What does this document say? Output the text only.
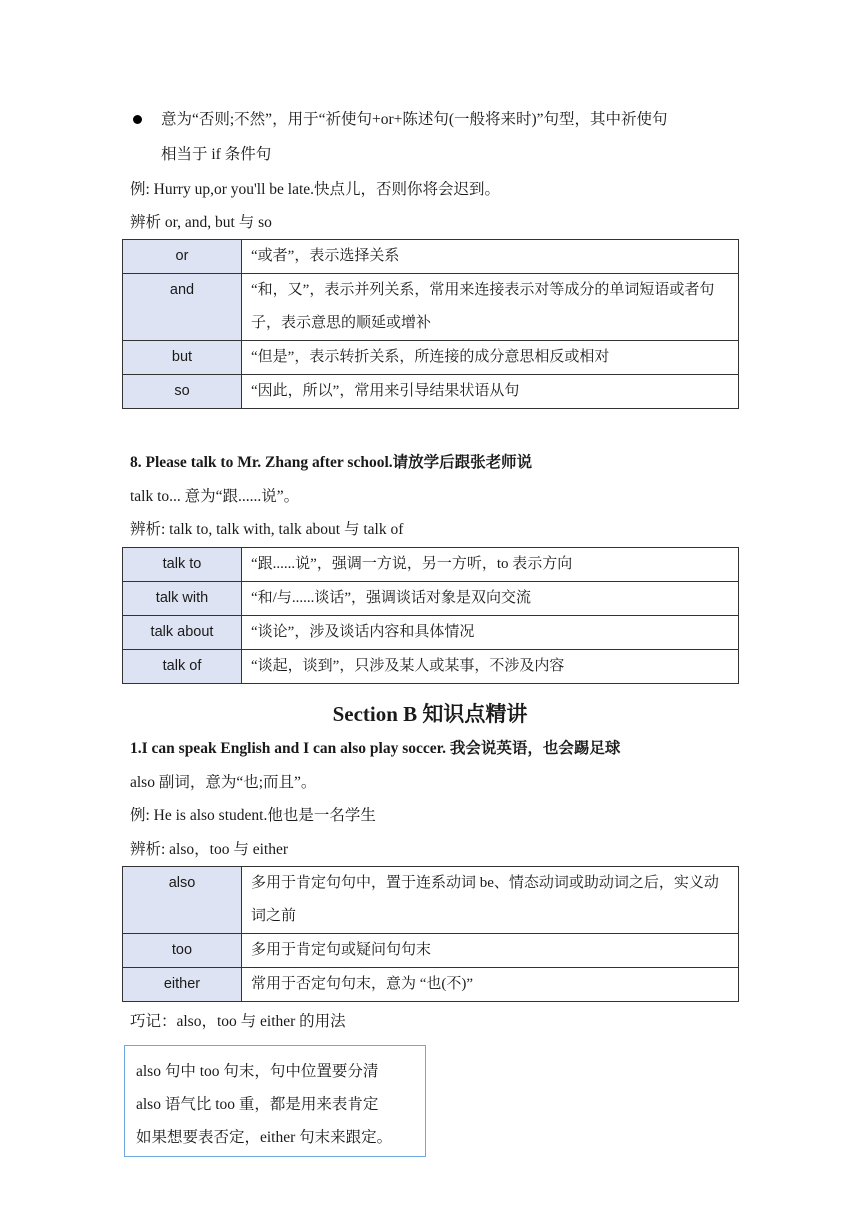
意为“否则;不然”，用于“祈使句+or+陈述句(一般将来时)”句型，其中祈使句
相当于 if 条件句
例: Hurry up,or you'll be late.快点儿，否则你将会迟到。
辨析 or, and, but 与 so
or	“或者”，表示选择关系
and	“和，又”，表示并列关系，常用来连接表示对等成分的单词短语或者句子，表示意思的顺延或增补
but	“但是”，表示转折关系，所连接的成分意思相反或相对
so	“因此，所以”，常用来引导结果状语从句
8. Please talk to Mr. Zhang after school.请放学后跟张老师说
talk to... 意为“跟......说”。
辨析: talk to, talk with, talk about 与 talk of
talk to	“跟......说”，强调一方说，另一方听，to 表示方向
talk with	“和/与......谈话”，强调谈话对象是双向交流
talk about	“谈论”，涉及谈话内容和具体情况
talk of	“谈起，谈到”，只涉及某人或某事，不涉及内容
Section B 知识点精讲
1.I can speak English and I can also play soccer. 我会说英语，也会踢足球
also 副词，意为“也;而且”。
例: He is also student.他也是一名学生
辨析: also，too 与 either
also	多用于肯定句句中，置于连系动词 be、情态动词或助动词之后，实义动词之前
too	多用于肯定句或疑问句句末
either	常用于否定句句末，意为 “也(不)”
巧记：also，too 与 either 的用法
also 句中 too 句末，句中位置要分清
also 语气比 too 重，都是用来表肯定
如果想要表否定，either 句末来跟定。
